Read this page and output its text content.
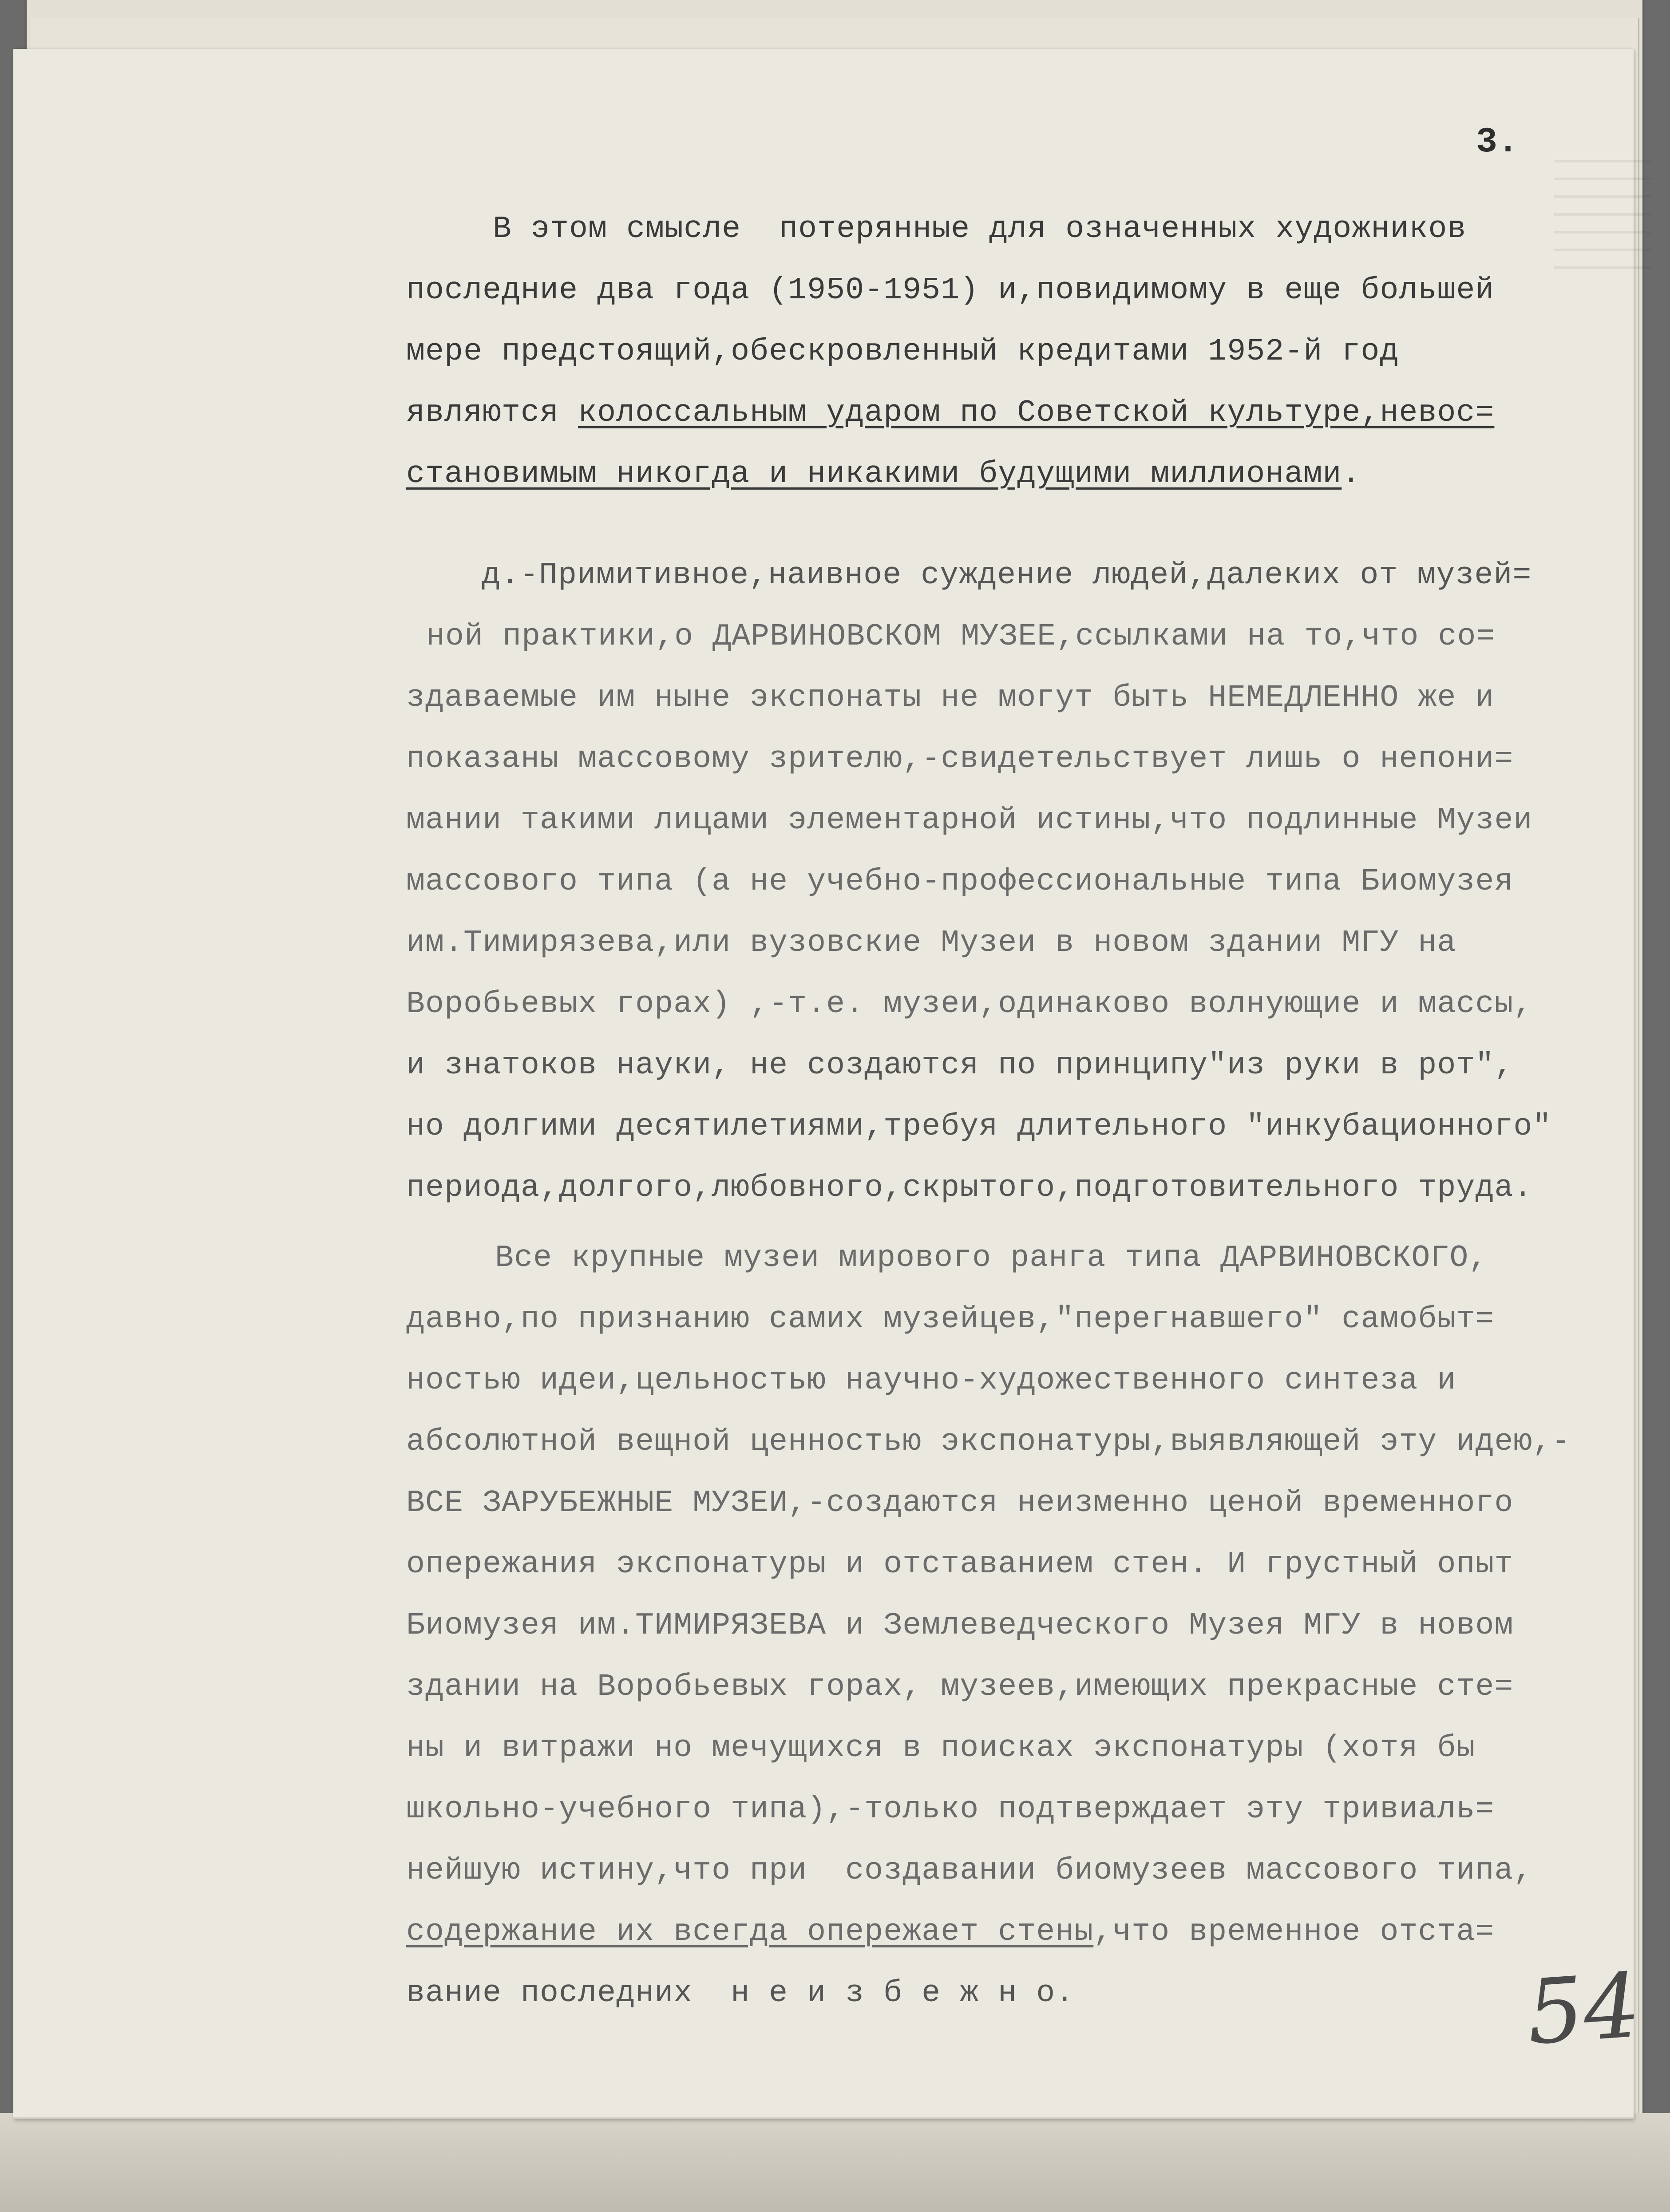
3.

В этом смысле  потерянные для означенных художников

последние два года (1950-1951) и,повидимому в еще большей

мере предстоящий,обескровленный кредитами 1952-й год

являются колоссальным ударом по Советской культуре,невос=

становимым никогда и никакими будущими миллионами.

д.-Примитивное,наивное суждение людей,далеких от музей=

ной практики,о ДАРВИНОВСКОМ МУЗЕЕ,ссылками на то,что со=

здаваемые им ныне экспонаты не могут быть НЕМЕДЛЕННО же и

показаны массовому зрителю,-свидетельствует лишь о непони=

мании такими лицами элементарной истины,что подлинные Музеи

массового типа (а не учебно-профессиональные типа Биомузея

им.Тимирязева,или вузовские Музеи в новом здании МГУ на

Воробьевых горах) ,-т.е. музеи,одинаково волнующие и массы,

и знатоков науки, не создаются по принципу"из руки в рот",

но долгими десятилетиями,требуя длительного "инкубационного"

периода,долгого,любовного,скрытого,подготовительного труда.

Все крупные музеи мирового ранга типа ДАРВИНОВСКОГО,

давно,по признанию самих музейцев,"перегнавшего" самобыт=

ностью идеи,цельностью научно-художественного синтеза и

абсолютной вещной ценностью экспонатуры,выявляющей эту идею,-

ВСЕ ЗАРУБЕЖНЫЕ МУЗЕИ,-создаются неизменно ценой временного

опережания экспонатуры и отставанием стен. И грустный опыт

Биомузея им.ТИМИРЯЗЕВА и Землеведческого Музея МГУ в новом

здании на Воробьевых горах, музеев,имеющих прекрасные сте=

ны и витражи но мечущихся в поисках экспонатуры (хотя бы

школьно-учебного типа),-только подтверждает эту тривиаль=

нейшую истину,что при  создавании биомузеев массового типа,

содержание их всегда опережает стены,что временное отста=

вание последних  н е и з б е ж н о.	54
